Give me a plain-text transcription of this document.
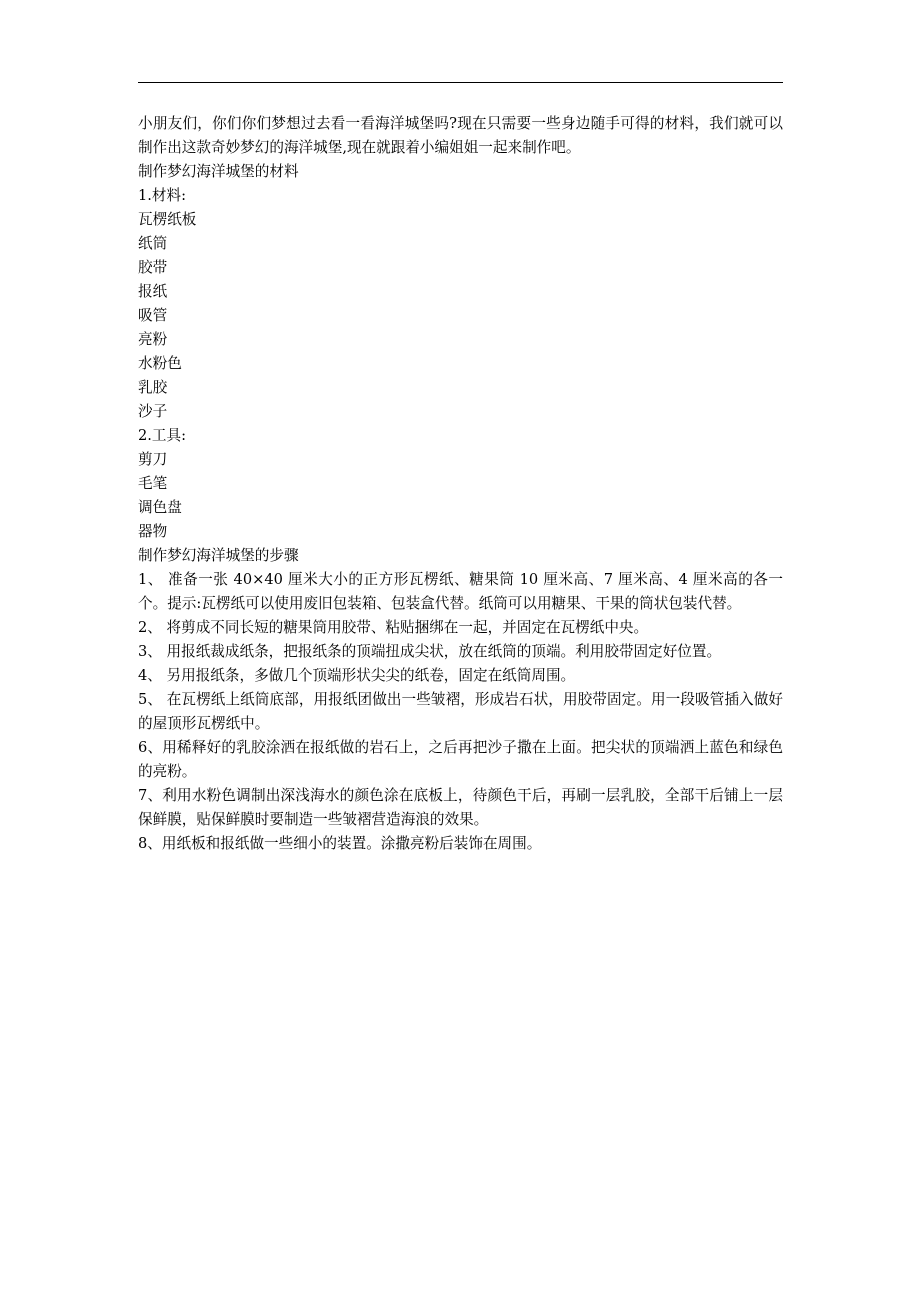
小朋友们，你们你们梦想过去看一看海洋城堡吗?现在只需要一些身边随手可得的材料，我们就可以制作出这款奇妙梦幻的海洋城堡,现在就跟着小编姐姐一起来制作吧。
制作梦幻海洋城堡的材料
1.材料:
瓦楞纸板
纸筒
胶带
报纸
吸管
亮粉
水粉色
乳胶
沙子
2.工具:
剪刀
毛笔
调色盘
器物
制作梦幻海洋城堡的步骤
1、 准备一张 40×40 厘米大小的正方形瓦楞纸、糖果筒 10 厘米高、7 厘米高、4 厘米高的各一个。提示:瓦楞纸可以使用废旧包装箱、包装盒代替。纸筒可以用糖果、干果的筒状包装代替。
2、 将剪成不同长短的糖果筒用胶带、粘贴捆绑在一起，并固定在瓦楞纸中央。
3、 用报纸裁成纸条，把报纸条的顶端扭成尖状，放在纸筒的顶端。利用胶带固定好位置。
4、 另用报纸条，多做几个顶端形状尖尖的纸卷，固定在纸筒周围。
5、 在瓦楞纸上纸筒底部，用报纸团做出一些皱褶，形成岩石状，用胶带固定。用一段吸管插入做好的屋顶形瓦楞纸中。
6、用稀释好的乳胶涂洒在报纸做的岩石上，之后再把沙子撒在上面。把尖状的顶端洒上蓝色和绿色的亮粉。
7、利用水粉色调制出深浅海水的颜色涂在底板上，待颜色干后，再刷一层乳胶，全部干后铺上一层保鲜膜，贴保鲜膜时要制造一些皱褶营造海浪的效果。
8、用纸板和报纸做一些细小的装置。涂撒亮粉后装饰在周围。
